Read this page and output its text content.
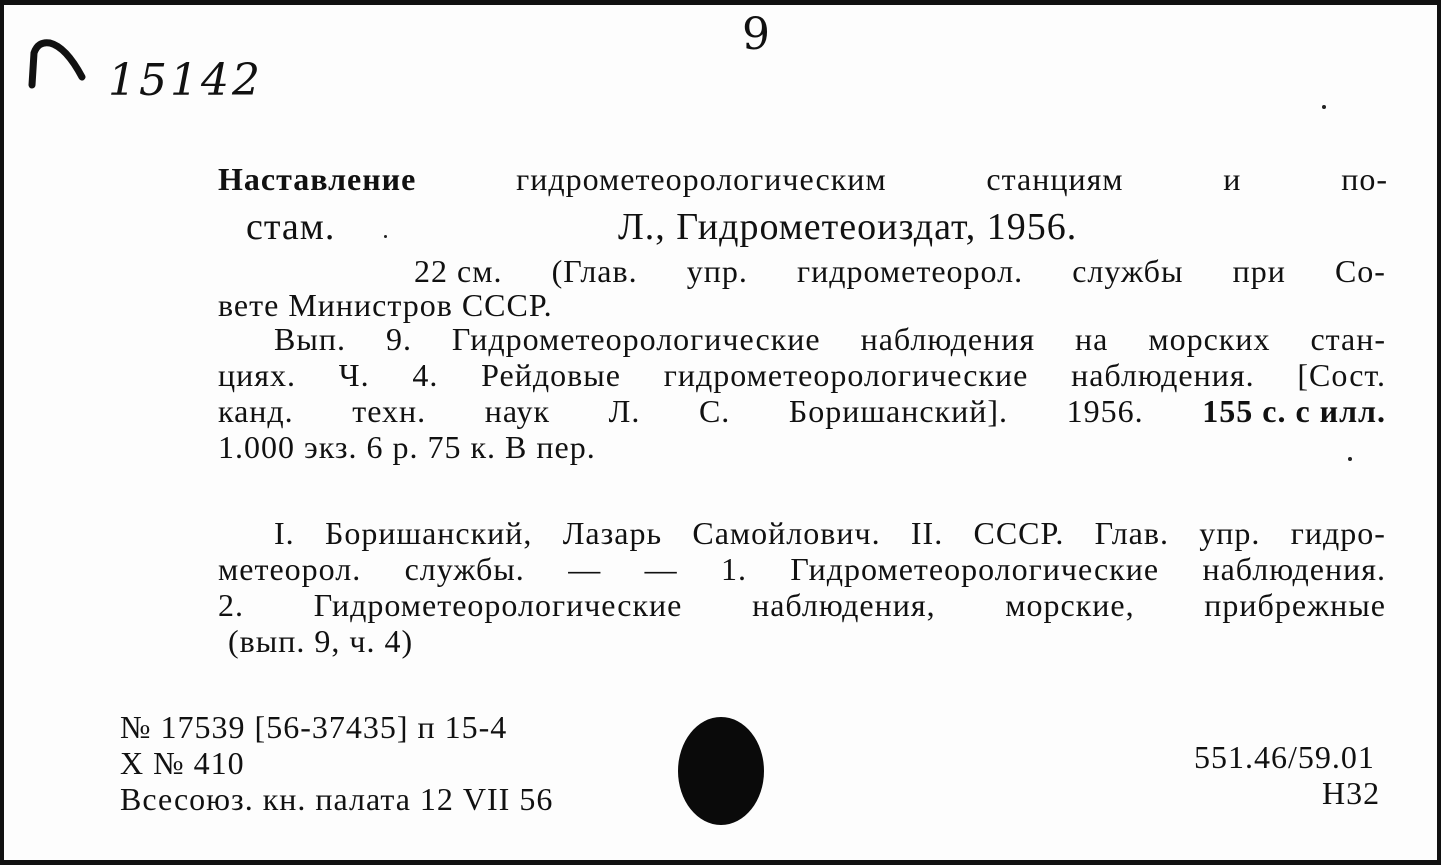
15142
9
Наставление	гидрометеорологическим	станциям	и	по-
стам.	Л., Гидрометеоиздат, 1956.
22 см. (Глав. упр. гидрометеорол. службы при Со-
вете Министров СССР.
Вып. 9. Гидрометеорологические наблюдения на морских стан-
циях. Ч. 4. Рейдовые гидрометеорологические наблюдения. [Сост.
канд. техн. наук Л. С. Боришанский]. 1956. 155 с. с илл.
1.000 экз. 6 р. 75 к. В пер.
I. Боришанский, Лазарь Самойлович. II. СССР. Глав. упр. гидро-
метеорол. службы. — — 1. Гидрометеорологические наблюдения.
2. Гидрометеорологические наблюдения, морские, прибрежные
(вып. 9, ч. 4)
№ 17539 [56-37435] п 15-4
X № 410
Всесоюз. кн. палата 12 VII 56
551.46/59.01
Н32
